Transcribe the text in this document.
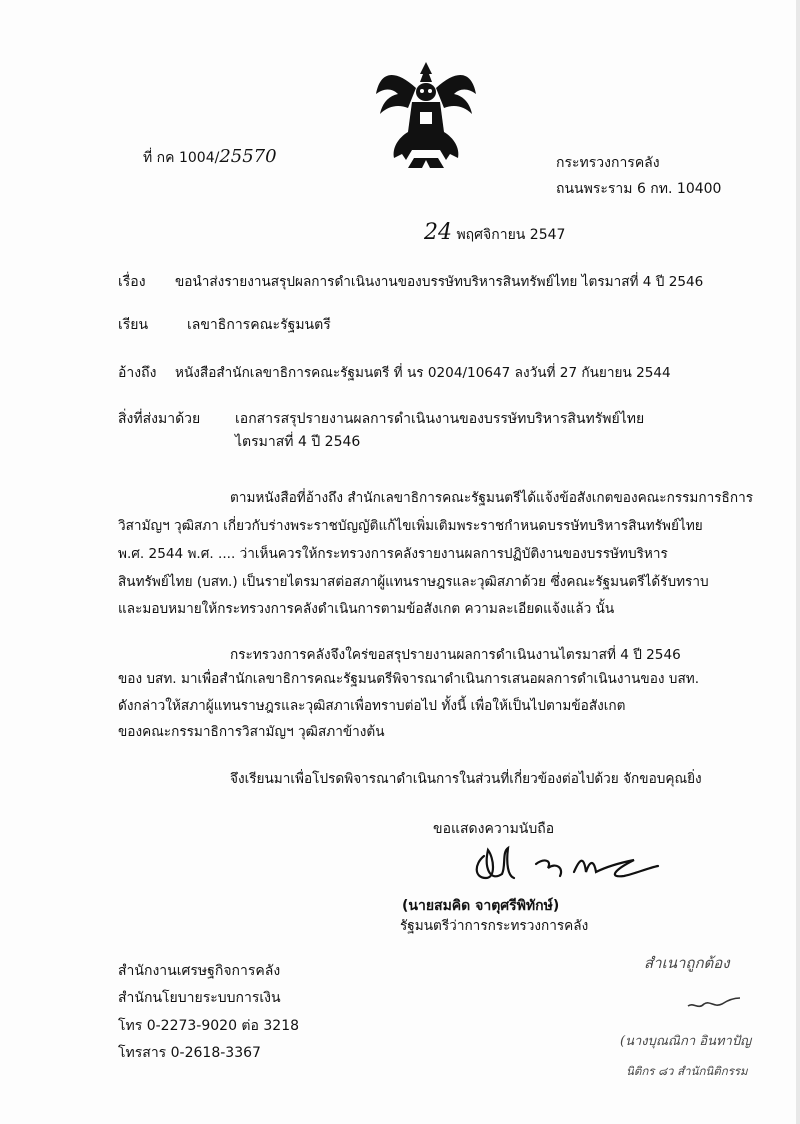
ที่ กค 1004/25570	กระทรวงการคลัง
ถนนพระราม 6 กท. 10400
24 พฤศจิกายน 2547
เรื่อง ขอนำส่งรายงานสรุปผลการดำเนินงานของบรรษัทบริหารสินทรัพย์ไทย ไตรมาสที่ 4 ปี 2546
เรียน	เลขาธิการคณะรัฐมนตรี
อ้างถึง หนังสือสำนักเลขาธิการคณะรัฐมนตรี ที่ นร 0204/10647 ลงวันที่ 27 กันยายน 2544
สิ่งที่ส่งมาด้วย เอกสารสรุปรายงานผลการดำเนินงานของบรรษัทบริหารสินทรัพย์ไทย
ไตรมาสที่ 4 ปี 2546
ตามหนังสือที่อ้างถึง สำนักเลขาธิการคณะรัฐมนตรีได้แจ้งข้อสังเกตของคณะกรรมการธิการ
วิสามัญฯ วุฒิสภา เกี่ยวกับร่างพระราชบัญญัติแก้ไขเพิ่มเติมพระราชกำหนดบรรษัทบริหารสินทรัพย์ไทย
พ.ศ. 2544 พ.ศ. .... ว่าเห็นควรให้กระทรวงการคลังรายงานผลการปฏิบัติงานของบรรษัทบริหาร
สินทรัพย์ไทย (บสท.) เป็นรายไตรมาสต่อสภาผู้แทนราษฎรและวุฒิสภาด้วย ซึ่งคณะรัฐมนตรีได้รับทราบ
และมอบหมายให้กระทรวงการคลังดำเนินการตามข้อสังเกต ความละเอียดแจ้งแล้ว นั้น
กระทรวงการคลังจึงใคร่ขอสรุปรายงานผลการดำเนินงานไตรมาสที่ 4 ปี 2546
ของ บสท. มาเพื่อสำนักเลขาธิการคณะรัฐมนตรีพิจารณาดำเนินการเสนอผลการดำเนินงานของ บสท.
ดังกล่าวให้สภาผู้แทนราษฎรและวุฒิสภาเพื่อทราบต่อไป ทั้งนี้ เพื่อให้เป็นไปตามข้อสังเกต
ของคณะกรรมาธิการวิสามัญฯ วุฒิสภาข้างต้น
จึงเรียนมาเพื่อโปรดพิจารณาดำเนินการในส่วนที่เกี่ยวข้องต่อไปด้วย จักขอบคุณยิ่ง
ขอแสดงความนับถือ
(นายสมคิด จาตุศรีพิทักษ์)
รัฐมนตรีว่าการกระทรวงการคลัง
สำนักงานเศรษฐกิจการคลัง
สำนักนโยบายระบบการเงิน
โทร 0-2273-9020 ต่อ 3218
โทรสาร 0-2618-3367
สำเนาถูกต้อง
(นางบุณณิกา อินทาปัญ
นิติกร ๘ว สำนักนิติกรรม
